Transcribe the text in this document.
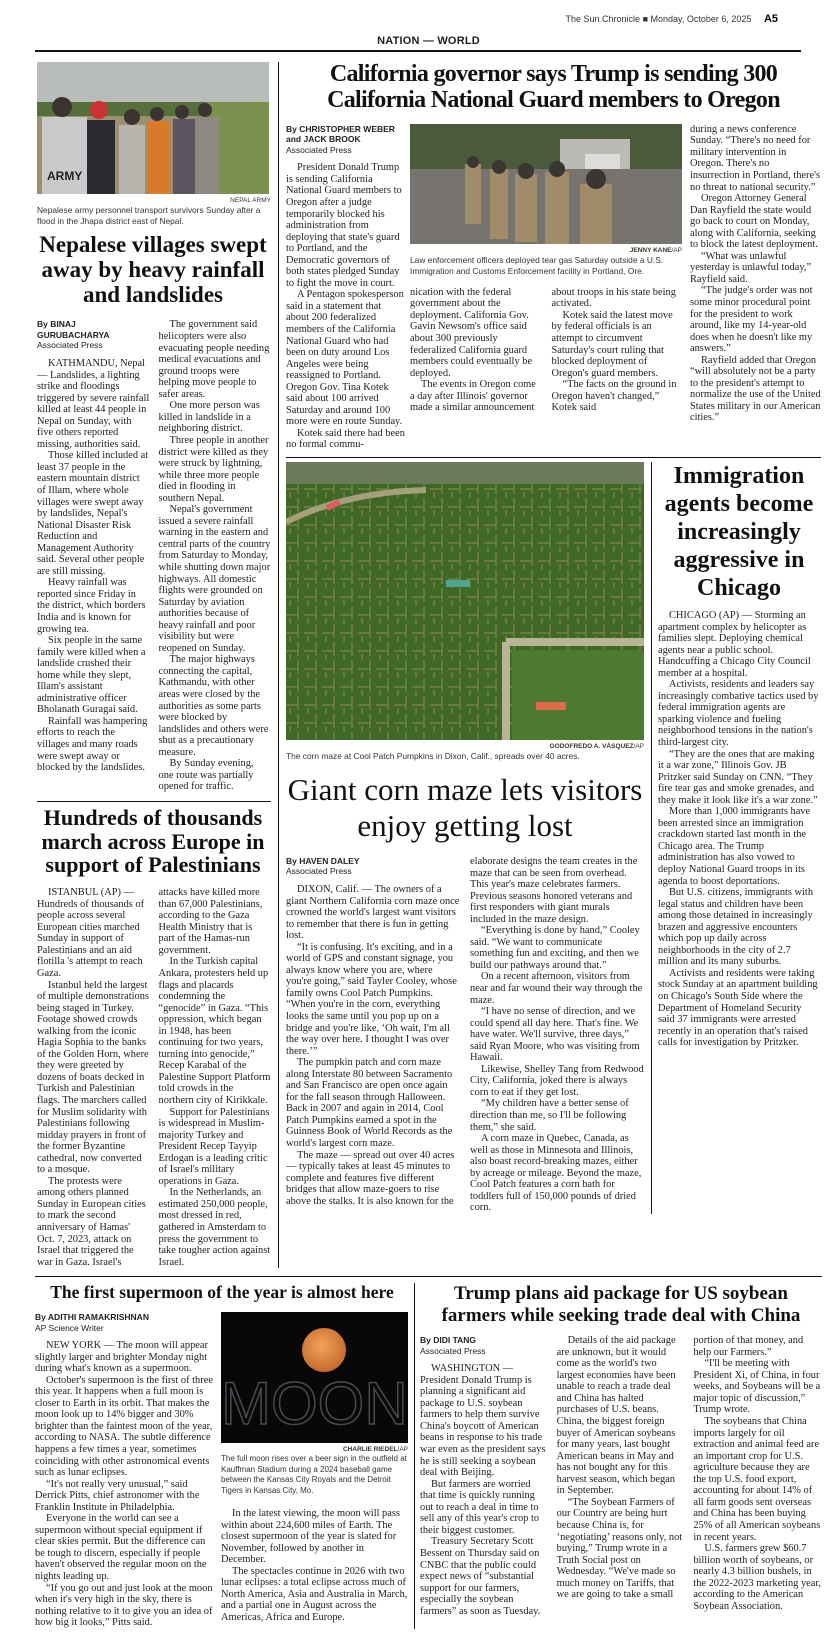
The Sun Chronicle ■ Monday, October 6, 2025 A5
NATION — WORLD
ARMY
NEPAL ARMY
Nepalese army personnel transport survivors Sunday after a flood in the Jhapa district east of Nepal.
Nepalese villages swept away by heavy rainfall and landslides
By BINAJ GURUBACHARYA
Associated Press

KATHMANDU, Nepal — Landslides, a lighting strike and floodings triggered by severe rainfall killed at least 44 people in Nepal on Sunday, with five others reported missing, authorities said.

Those killed included at least 37 people in the eastern mountain district of Illam, where whole villages were swept away by landslides, Nepal's National Disaster Risk Reduction and Management Authority said. Several other people are still missing.

Heavy rainfall was reported since Friday in the district, which borders India and is known for growing tea.

Six people in the same family were killed when a landslide crushed their home while they slept, Illam's assistant administrative officer Bholanath Guragai said.

Rainfall was hampering efforts to reach the villages and many roads were swept away or blocked by the landslides.

The government said helicopters were also evacuating people needing medical evacuations and ground troops were helping move people to safer areas.

One more person was killed in landslide in a neighboring district.

Three people in another district were killed as they were struck by lightning, while three more people died in flooding in southern Nepal.

Nepal's government issued a severe rainfall warning in the eastern and central parts of the country from Saturday to Monday, while shutting down major highways. All domestic flights were grounded on Saturday by aviation authorities because of heavy rainfall and poor visibility but were reopened on Sunday.

The major highways connecting the capital, Kathmandu, with other areas were closed by the authorities as some parts were blocked by landslides and others were shut as a precautionary measure.

By Sunday evening, one route was partially opened for traffic.

Hundreds of thousands march across Europe in support of Palestinians

ISTANBUL (AP) — Hundreds of thousands of people across several European cities marched Sunday in support of Palestinians and an aid flotilla 's attempt to reach Gaza.

Istanbul held the largest of multiple demonstrations being staged in Turkey. Footage showed crowds walking from the iconic Hagia Sophia to the banks of the Golden Horn, where they were greeted by dozens of boats decked in Turkish and Palestinian flags. The marchers called for Muslim solidarity with Palestinians following midday prayers in front of the former Byzantine cathedral, now converted to a mosque.

The protests were among others planned Sunday in European cities to mark the second anniversary of Hamas' Oct. 7, 2023, attack on Israel that triggered the war in Gaza. Israel's attacks have killed more than 67,000 Palestinians, according to the Gaza Health Ministry that is part of the Hamas-run government.

In the Turkish capital Ankara, protesters held up flags and placards condemning the “genocide” in Gaza. “This oppression, which began in 1948, has been continuing for two years, turning into genocide,” Recep Karabal of the Palestine Support Platform told crowds in the northern city of Kirikkale.

Support for Palestinians is widespread in Muslim-majority Turkey and President Recep Tayyip Erdogan is a leading critic of Israel's military operations in Gaza.

In the Netherlands, an estimated 250,000 people, most dressed in red, gathered in Amsterdam to press the government to take tougher action against Israel.

California governor says Trump is sending 300 California National Guard members to Oregon
By CHRISTOPHER WEBER
and JACK BROOK
Associated Press

President Donald Trump is sending California National Guard members to Oregon after a judge temporarily blocked his administration from deploying that state's guard to Portland, and the Democratic governors of both states pledged Sunday to fight the move in court.

A Pentagon spokesperson said in a statement that about 200 federalized members of the California National Guard who had been on duty around Los Angeles were being reassigned to Portland. Oregon Gov. Tina Kotek said about 100 arrived Saturday and around 100 more were en route Sunday.

Kotek said there had been no formal commu-

JENNY KANE/AP
Law enforcement officers deployed tear gas Saturday outside a U.S. Immigration and Customs Enforcement facility in Portland, Ore.

nication with the federal government about the deployment. California Gov. Gavin Newsom's office said about 300 previously federalized California guard members could eventually be deployed.

The events in Oregon come a day after Illinois' governor made a similar announcement about troops in his state being activated.

Kotek said the latest move by federal officials is an attempt to circumvent Saturday's court ruling that blocked deployment of Oregon's guard members.

“The facts on the ground in Oregon haven't changed,” Kotek said

during a news conference Sunday. “There's no need for military intervention in Oregon. There's no insurrection in Portland, there's no threat to national security.”

Oregon Attorney General Dan Rayfield the state would go back to court on Monday, along with California, seeking to block the latest deployment.

“What was unlawful yesterday is unlawful today,” Rayfield said.

“The judge's order was not some minor procedural point for the president to work around, like my 14-year-old does when he doesn't like my answers.”

Rayfield added that Oregon “will absolutely not be a party to the president's attempt to normalize the use of the United States military in our American cities.”

GODOFREDO A. VÁSQUEZ/AP
The corn maze at Cool Patch Pumpkins in Dixon, Calif., spreads over 40 acres.
Giant corn maze lets visitors enjoy getting lost
By HAVEN DALEY
Associated Press

DIXON, Calif. — The owners of a giant Northern California corn maze once crowned the world's largest want visitors to remember that there is fun in getting lost.

“It is confusing. It's exciting, and in a world of GPS and constant signage, you always know where you are, where you're going,” said Tayler Cooley, whose family owns Cool Patch Pumpkins. “When you're in the corn, everything looks the same until you pop up on a bridge and you're like, ‘Oh wait, I'm all the way over here. I thought I was over there.’”

The pumpkin patch and corn maze along Interstate 80 between Sacramento and San Francisco are open once again for the fall season through Halloween. Back in 2007 and again in 2014, Cool Patch Pumpkins earned a spot in the Guinness Book of World Records as the world's largest corn maze.

The maze — spread out over 40 acres — typically takes at least 45 minutes to complete and features five different bridges that allow maze-goers to rise above the stalks. It is also known for the elaborate designs the team creates in the maze that can be seen from overhead. This year's maze celebrates farmers. Previous seasons honored veterans and first responders with giant murals included in the maze design.

“Everything is done by hand,” Cooley said. “We want to communicate something fun and exciting, and then we build our pathways around that.”

On a recent afternoon, visitors from near and far wound their way through the maze.

“I have no sense of direction, and we could spend all day here. That's fine. We have water. We'll survive, three days,” said Ryan Moore, who was visiting from Hawaii.

Likewise, Shelley Tang from Redwood City, California, joked there is always corn to eat if they get lost.

“My children have a better sense of direction than me, so I'll be following them,” she said.

A corn maze in Quebec, Canada, as well as those in Minnesota and Illinois, also boast record-breaking mazes, either by acreage or mileage. Beyond the maze, Cool Patch features a corn bath for toddlers full of 150,000 pounds of dried corn.

Immigration agents become increasingly aggressive in Chicago

CHICAGO (AP) — Storming an apartment complex by helicopter as families slept. Deploying chemical agents near a public school. Handcuffing a Chicago City Council member at a hospital.

Activists, residents and leaders say increasingly combative tactics used by federal immigration agents are sparking violence and fueling neighborhood tensions in the nation's third-largest city.

“They are the ones that are making it a war zone,” Illinois Gov. JB Pritzker said Sunday on CNN. “They fire tear gas and smoke grenades, and they make it look like it's a war zone.”

More than 1,000 immigrants have been arrested since an immigration crackdown started last month in the Chicago area. The Trump administration has also vowed to deploy National Guard troops in its agenda to boost deportations.

But U.S. citizens, immigrants with legal status and children have been among those detained in increasingly brazen and aggressive encounters which pop up daily across neighborhoods in the city of 2.7 million and its many suburbs.

Activists and residents were taking stock Sunday at an apartment building on Chicago's South Side where the Department of Homeland Security said 37 immigrants were arrested recently in an operation that's raised calls for investigation by Pritzker.

The first supermoon of the year is almost here
By ADITHI RAMAKRISHNAN
AP Science Writer

NEW YORK — The moon will appear slightly larger and brighter Monday night during what's known as a supermoon.

October's supermoon is the first of three this year. It happens when a full moon is closer to Earth in its orbit. That makes the moon look up to 14% bigger and 30% brighter than the faintest moon of the year, according to NASA. The subtle difference happens a few times a year, sometimes coinciding with other astronomical events such as lunar eclipses.

“It's not really very unusual,” said Derrick Pitts, chief astronomer with the Franklin Institute in Philadelphia.

Everyone in the world can see a supermoon without special equipment if clear skies permit. But the difference can be tough to discern, especially if people haven't observed the regular moon on the nights leading up.

“If you go out and just look at the moon when it's very high in the sky, there is nothing relative to it to give you an idea of how big it looks,” Pitts said.

MOON
CHARLIE RIEDEL/AP
The full moon rises over a beer sign in the outfield at Kauffman Stadium during a 2024 baseball game between the Kansas City Royals and the Detroit Tigers in Kansas City, Mo.

In the latest viewing, the moon will pass within about 224,600 miles of Earth. The closest supermoon of the year is slated for November, followed by another in December.

The spectacles continue in 2026 with two lunar eclipses: a total eclipse across much of North America, Asia and Australia in March, and a partial one in August across the Americas, Africa and Europe.

Trump plans aid package for US soybean farmers while seeking trade deal with China
By DIDI TANG
Associated Press

WASHINGTON — President Donald Trump is planning a significant aid package to U.S. soybean farmers to help them survive China's boycott of American beans in response to his trade war even as the president says he is still seeking a soybean deal with Beijing.

But farmers are worried that time is quickly running out to reach a deal in time to sell any of this year's crop to their biggest customer.

Treasury Secretary Scott Bessent on Thursday said on CNBC that the public could expect news of “substantial support for our farmers, especially the soybean farmers” as soon as Tuesday.

Details of the aid package are unknown, but it would come as the world's two largest economies have been unable to reach a trade deal and China has halted purchases of U.S. beans. China, the biggest foreign buyer of American soybeans for many years, last bought American beans in May and has not bought any for this harvest season, which began in September.

“The Soybean Farmers of our Country are being hurt because China is, for ‘negotiating’ reasons only, not buying,” Trump wrote in a Truth Social post on Wednesday. “We've made so much money on Tariffs, that we are going to take a small portion of that money, and help our Farmers.”

“I'll be meeting with President Xi, of China, in four weeks, and Soybeans will be a major topic of discussion,” Trump wrote.

The soybeans that China imports largely for oil extraction and animal feed are an important crop for U.S. agriculture because they are the top U.S. food export, accounting for about 14% of all farm goods sent overseas and China has been buying 25% of all American soybeans in recent years.

U.S. farmers grew $60.7 billion worth of soybeans, or nearly 4.3 billion bushels, in the 2022-2023 marketing year, according to the American Soybean Association.
